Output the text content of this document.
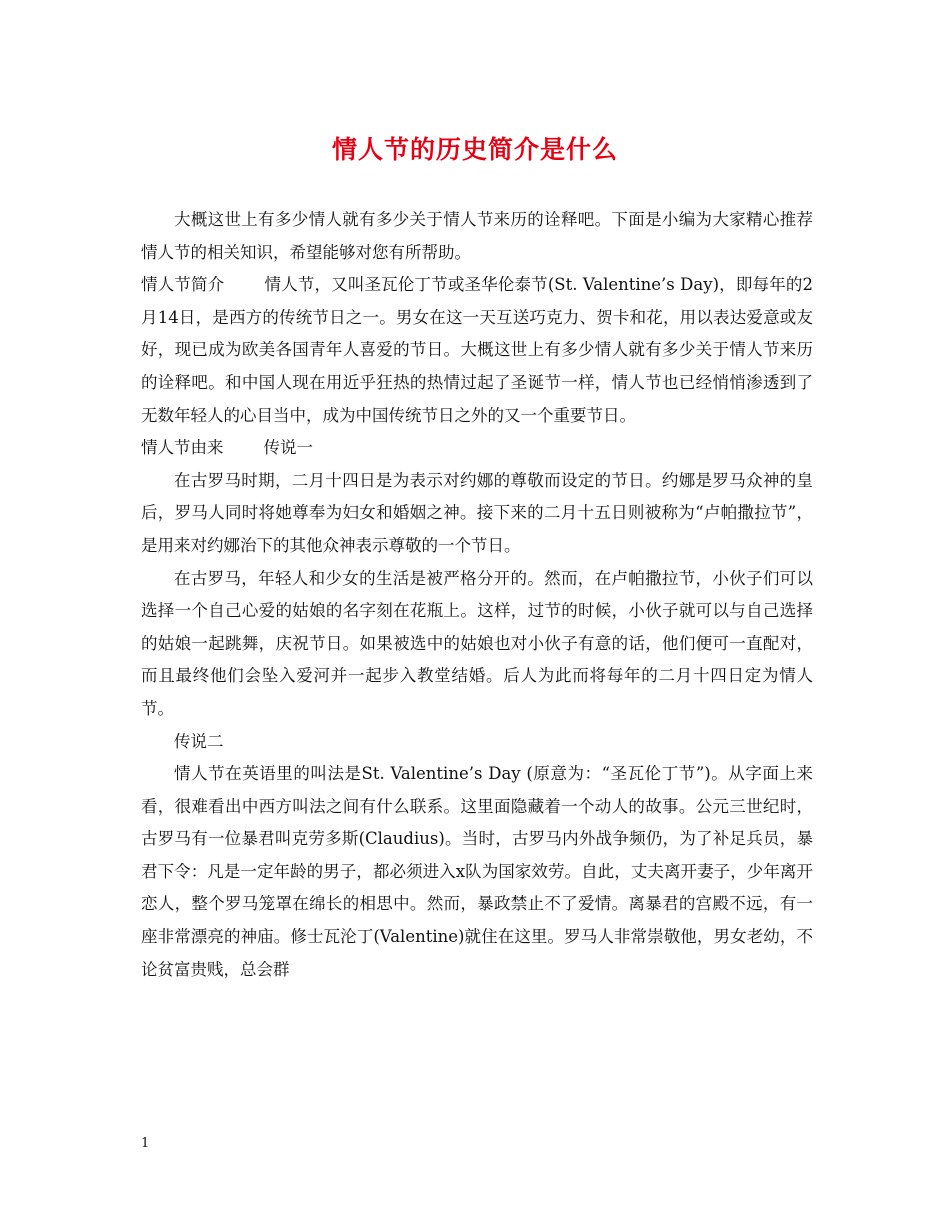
情人节的历史简介是什么

大概这世上有多少情人就有多少关于情人节来历的诠释吧。下面是小编为大家精心推荐情人节的相关知识，希望能够对您有所帮助。

情人节简介 情人节，又叫圣瓦伦丁节或圣华伦泰节(St. Valentine’s Day)，即每年的2月14日，是西方的传统节日之一。男女在这一天互送巧克力、贺卡和花，用以表达爱意或友好，现已成为欧美各国青年人喜爱的节日。大概这世上有多少情人就有多少关于情人节来历的诠释吧。和中国人现在用近乎狂热的热情过起了圣诞节一样，情人节也已经悄悄渗透到了无数年轻人的心目当中，成为中国传统节日之外的又一个重要节日。

情人节由来 传说一

在古罗马时期，二月十四日是为表示对约娜的尊敬而设定的节日。约娜是罗马众神的皇后，罗马人同时将她尊奉为妇女和婚姻之神。接下来的二月十五日则被称为“卢帕撒拉节”，是用来对约娜治下的其他众神表示尊敬的一个节日。

在古罗马，年轻人和少女的生活是被严格分开的。然而，在卢帕撒拉节，小伙子们可以选择一个自己心爱的姑娘的名字刻在花瓶上。这样，过节的时候，小伙子就可以与自己选择的姑娘一起跳舞，庆祝节日。如果被选中的姑娘也对小伙子有意的话，他们便可一直配对，而且最终他们会坠入爱河并一起步入教堂结婚。后人为此而将每年的二月十四日定为情人节。

传说二

情人节在英语里的叫法是St. Valentine’s Day (原意为：“圣瓦伦丁节”)。从字面上来看，很难看出中西方叫法之间有什么联系。这里面隐藏着一个动人的故事。公元三世纪时，古罗马有一位暴君叫克劳多斯(Claudius)。当时，古罗马内外战争频仍，为了补足兵员，暴君下令：凡是一定年龄的男子，都必须进入x队为国家效劳。自此，丈夫离开妻子，少年离开恋人，整个罗马笼罩在绵长的相思中。然而，暴政禁止不了爱情。离暴君的宫殿不远，有一座非常漂亮的神庙。修士瓦沦丁(Valentine)就住在这里。罗马人非常崇敬他，男女老幼，不论贫富贵贱，总会群

1
